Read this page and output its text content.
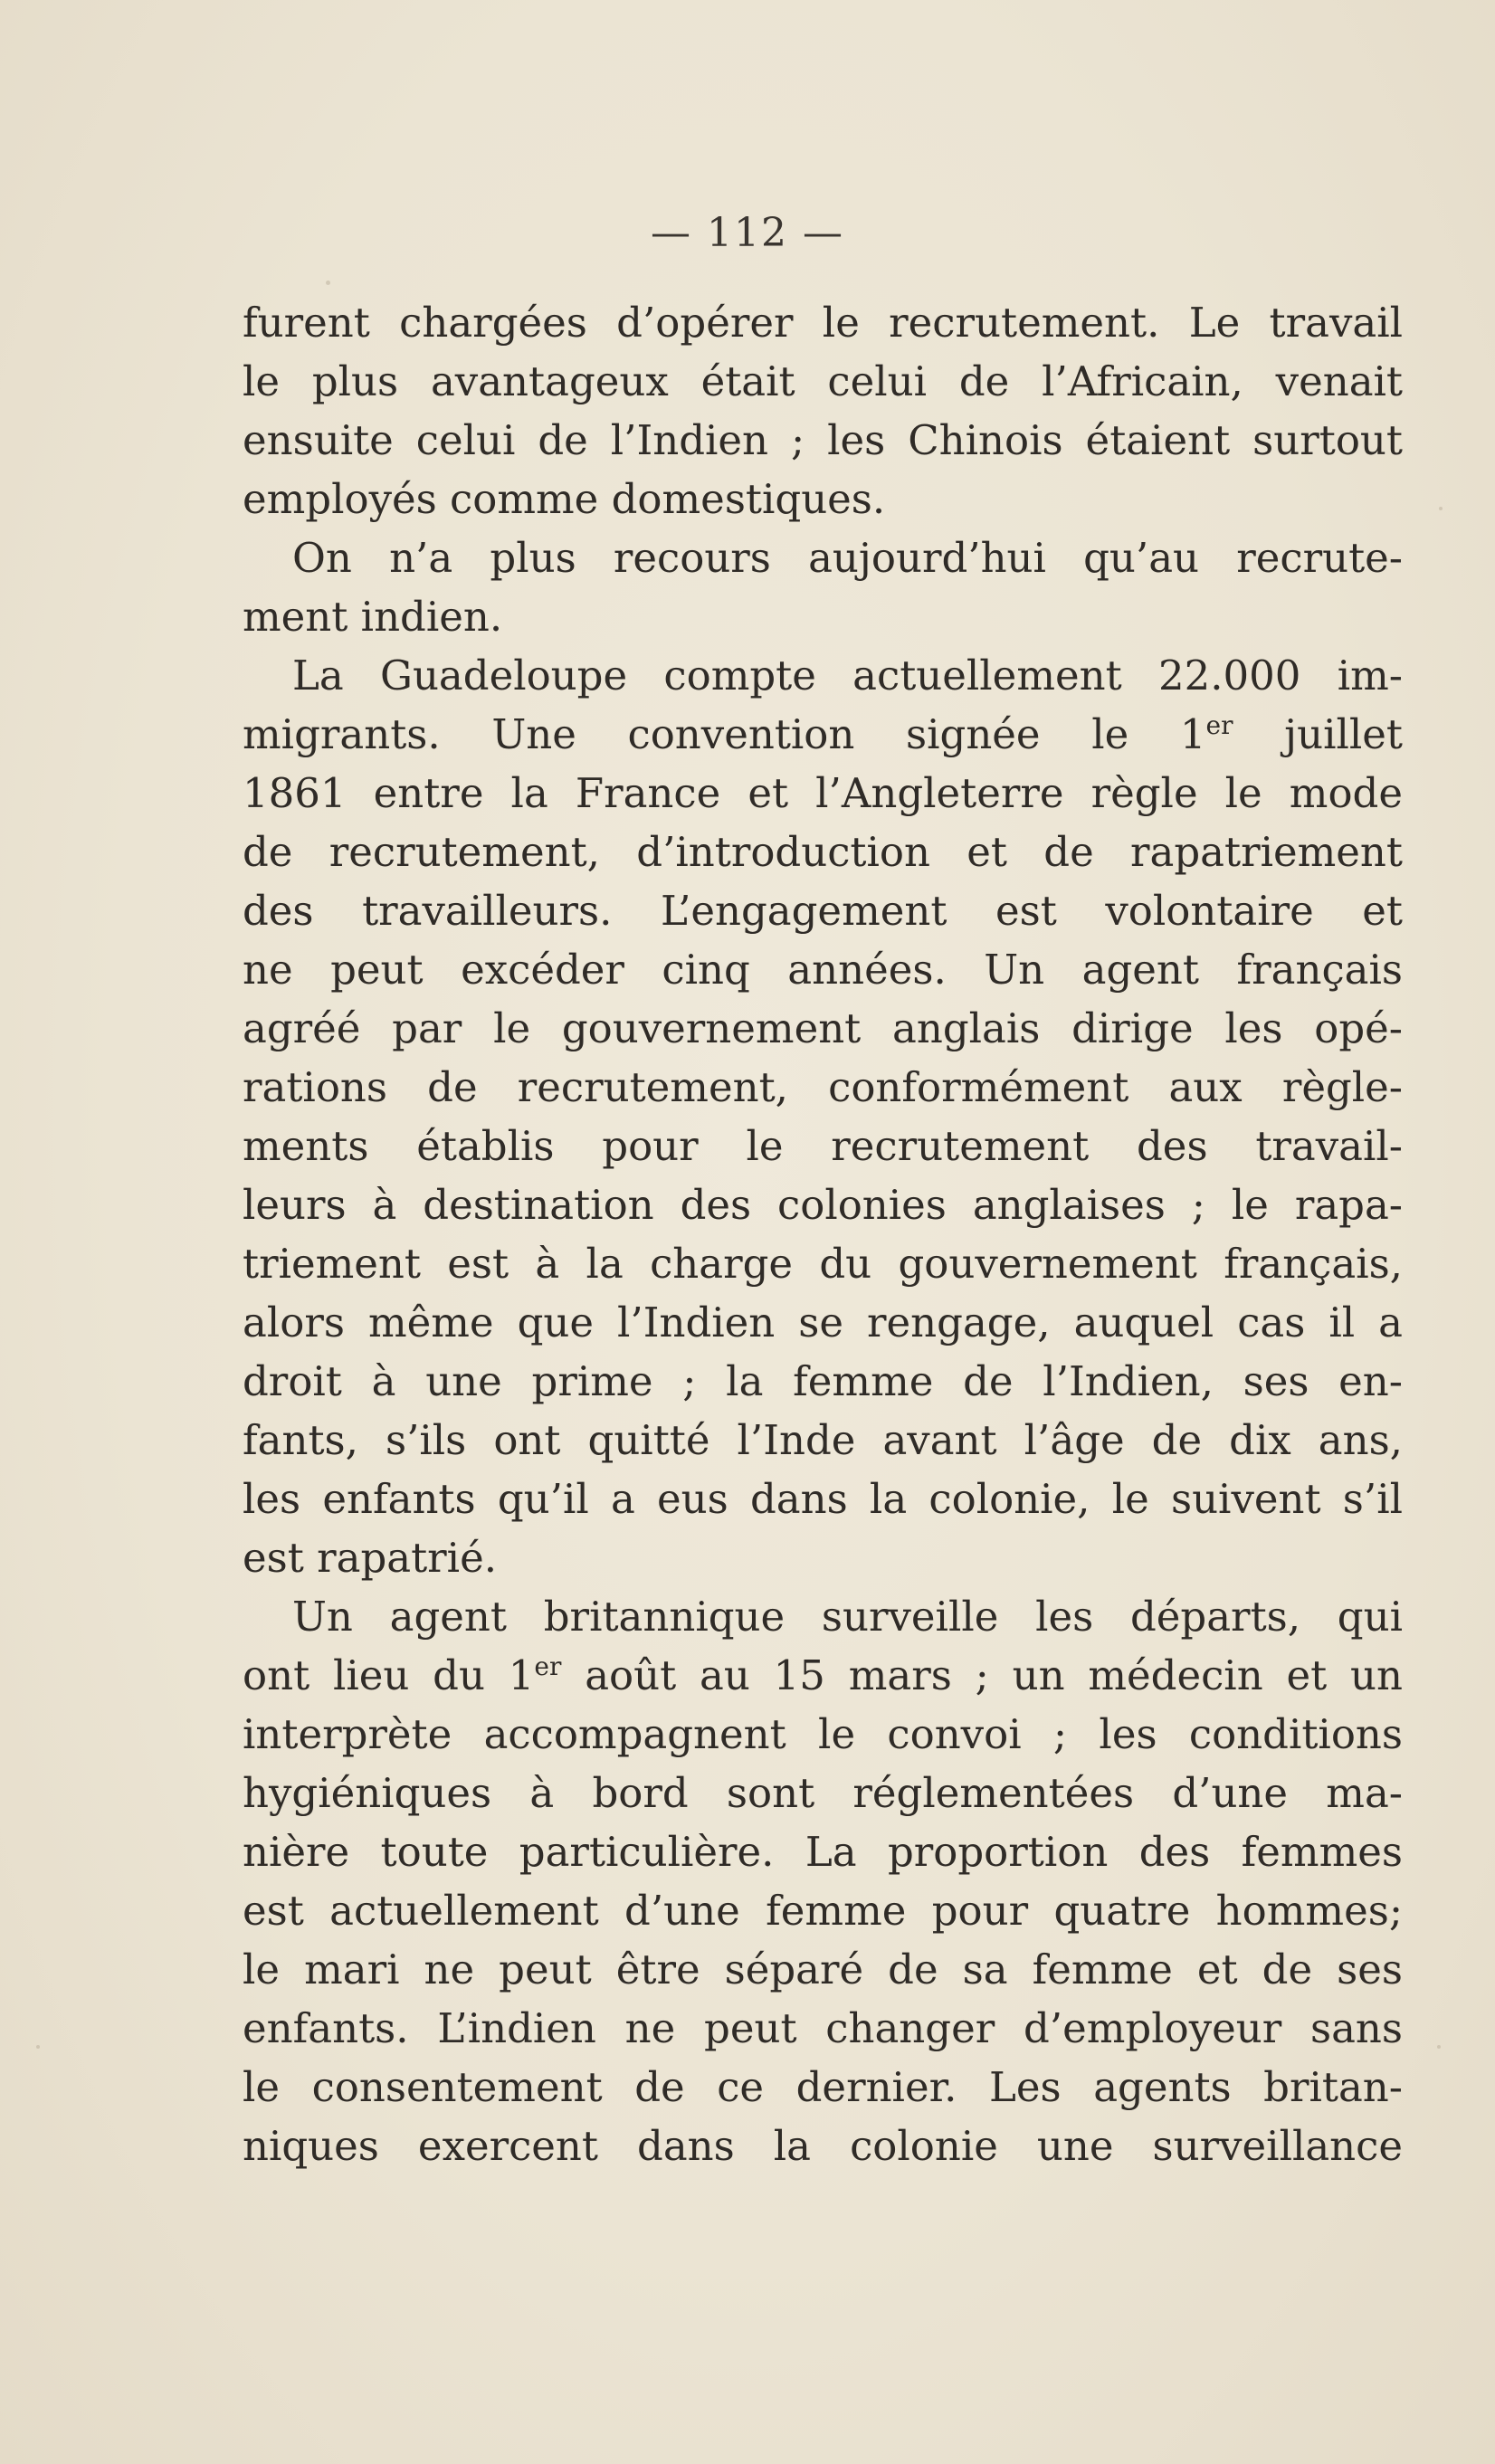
— 112 —
furent chargées d’opérer le recrutement. Le travail
le plus avantageux était celui de l’Africain, venait
ensuite celui de l’Indien ; les Chinois étaient surtout
employés comme domestiques.
On n’a plus recours aujourd’hui qu’au recrute-
ment indien.
La Guadeloupe compte actuellement 22.000 im-
migrants. Une convention signée le 1er juillet
1861 entre la France et l’Angleterre règle le mode
de recrutement, d’introduction et de rapatriement
des travailleurs. L’engagement est volontaire et
ne peut excéder cinq années. Un agent français
agréé par le gouvernement anglais dirige les opé-
rations de recrutement, conformément aux règle-
ments établis pour le recrutement des travail-
leurs à destination des colonies anglaises ; le rapa-
triement est à la charge du gouvernement français,
alors même que l’Indien se rengage, auquel cas il a
droit à une prime ; la femme de l’Indien, ses en-
fants, s’ils ont quitté l’Inde avant l’âge de dix ans,
les enfants qu’il a eus dans la colonie, le suivent s’il
est rapatrié.
Un agent britannique surveille les départs, qui
ont lieu du 1er août au 15 mars ; un médecin et un
interprète accompagnent le convoi ; les conditions
hygiéniques à bord sont réglementées d’une ma-
nière toute particulière. La proportion des femmes
est actuellement d’une femme pour quatre hommes;
le mari ne peut être séparé de sa femme et de ses
enfants. L’indien ne peut changer d’employeur sans
le consentement de ce dernier. Les agents britan-
niques exercent dans la colonie une surveillance
